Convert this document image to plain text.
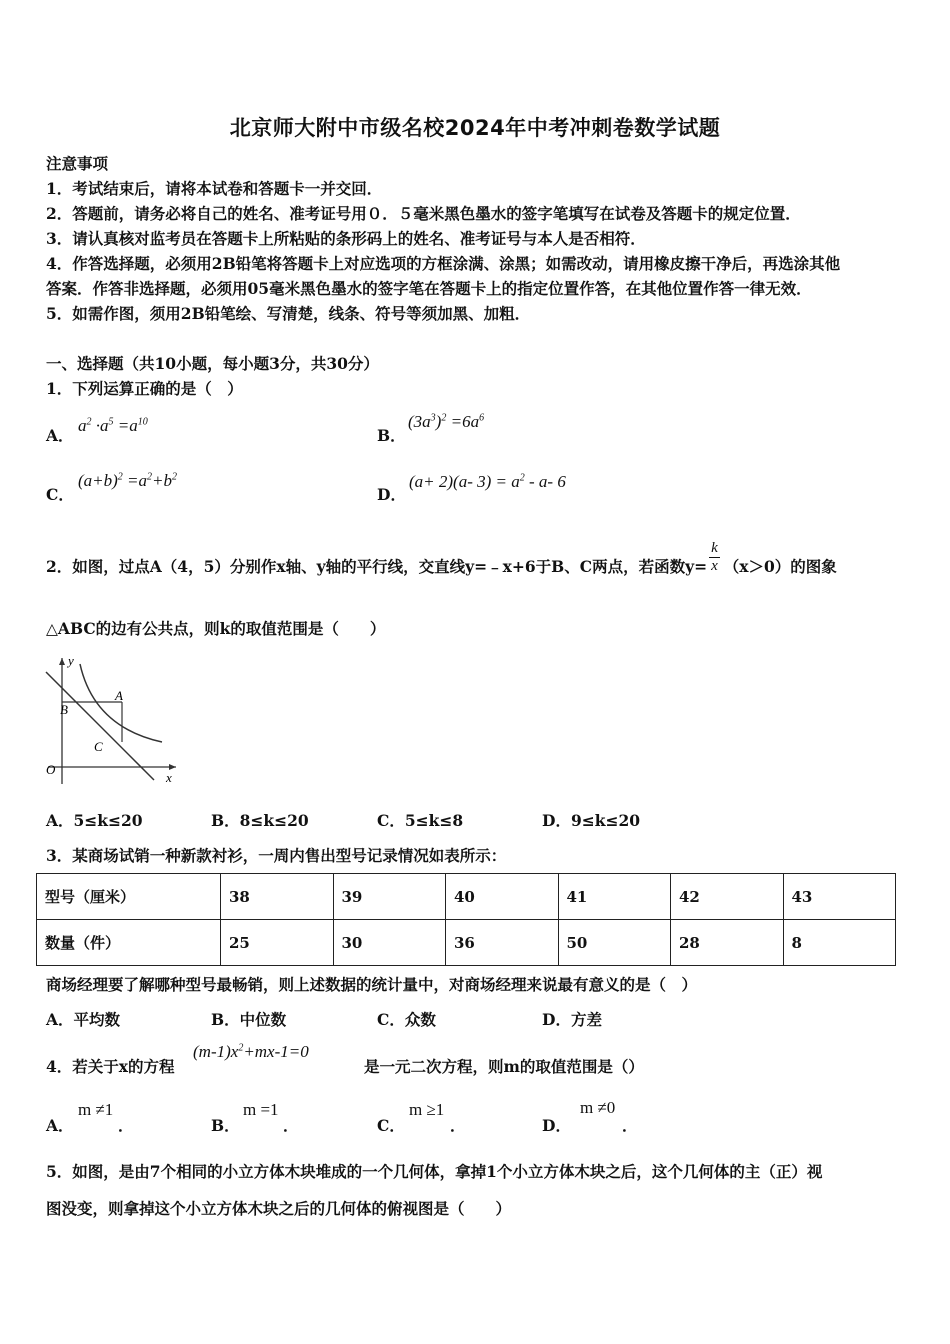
北京师大附中市级名校2024年中考冲刺卷数学试题
注意事项
1．考试结束后，请将本试卷和答题卡一并交回．
2．答题前，请务必将自己的姓名、准考证号用０．５毫米黑色墨水的签字笔填写在试卷及答题卡的规定位置．
3．请认真核对监考员在答题卡上所粘贴的条形码上的姓名、准考证号与本人是否相符．
4．作答选择题，必须用2B铅笔将答题卡上对应选项的方框涂满、涂黑；如需改动，请用橡皮擦干净后，再选涂其他
答案．作答非选择题，必须用05毫米黑色墨水的签字笔在答题卡上的指定位置作答，在其他位置作答一律无效．
5．如需作图，须用2B铅笔绘、写清楚，线条、符号等须加黑、加粗．
一、选择题（共10小题，每小题3分，共30分）
1．下列运算正确的是（　）
A．
$a^2 \cdot a^5 =a^{10}$
B．
$(3a^3)^2 =6a^6$
C．
$(a+b)^2 =a^2+b^2$
D．
(a+ 2)(a- $3) = a^2 - a-$ 6
2．如图，过点A（4，5）分别作x轴、y轴的平行线，交直线y=﹣x+6于B、C两点，若函数$y= \frac{k}{x} (x>0)$的图象
△ABC的边有公共点，则k的取值范围是（　　）
y
x
O
A
B
C
A．5≤k≤20	B．8≤k≤20	C．5≤k≤8	D．9≤k≤20
3．某商场试销一种新款衬衫，一周内售出型号记录情况如表所示：
型号（厘米）	38	39	40	41	42	43
数量（件）	25	30	36	50	28	8
商场经理要了解哪种型号最畅销，则上述数据的统计量中，对商场经理来说最有意义的是（　）
A．平均数	B．中位数	C．众数	D．方差
4．若关于x的方程
$(m-1)x^2+mx-1=0$
是一元二次方程，则m的取值范围是（）
A．
m ≠1
．	B．
m =1
．	C．
m ≥1
．	D．
m ≠0
．
5．如图，是由7个相同的小立方体木块堆成的一个几何体，拿掉1个小立方体木块之后，这个几何体的主（正）视
图没变，则拿掉这个小立方体木块之后的几何体的俯视图是（　　）
